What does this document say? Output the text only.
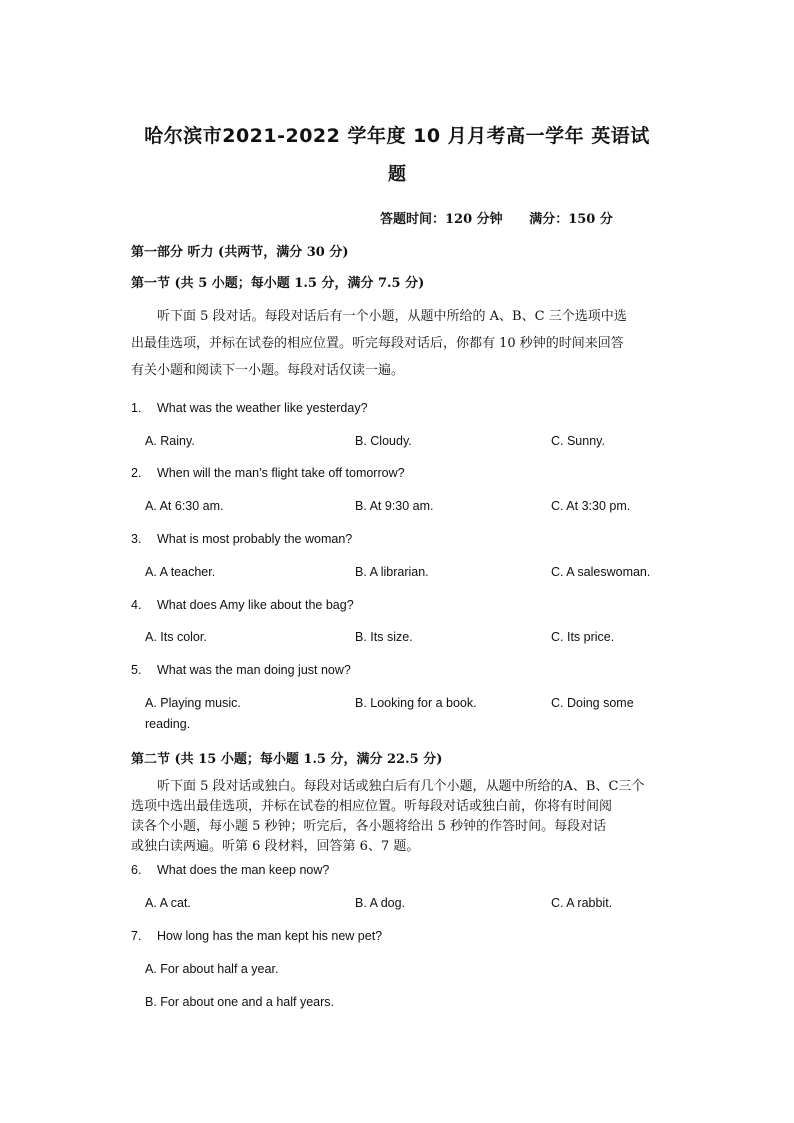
哈尔滨市2021-2022 学年度 10 月月考高一学年 英语试
题
答题时间：120 分钟 满分：150 分
第一部分 听力 (共两节，满分 30 分)
第一节 (共 5 小题；每小题 1.5 分，满分 7.5 分)
听下面 5 段对话。每段对话后有一个小题，从题中所给的 A、B、C 三个选项中选
出最佳选项，并标在试卷的相应位置。听完每段对话后，你都有 10 秒钟的时间来回答
有关小题和阅读下一小题。每段对话仅读一遍。
1. What was the weather like yesterday?
A. Rainy.	B. Cloudy.	C. Sunny.
2. When will the man’s flight take off tomorrow?
A. At 6:30 am.	B. At 9:30 am.	C. At 3:30 pm.
3. What is most probably the woman?
A. A teacher.	B. A librarian.	C. A saleswoman.
4. What does Amy like about the bag?
A. Its color.	B. Its size.	C. Its price.
5. What was the man doing just now?
A. Playing music.	B. Looking for a book.	C. Doing some
reading.
第二节 (共 15 小题；每小题 1.5 分，满分 22.5 分)
听下面 5 段对话或独白。每段对话或独白后有几个小题，从题中所给的A、B、C三个
选项中选出最佳选项，并标在试卷的相应位置。听每段对话或独白前，你将有时间阅
读各个小题，每小题 5 秒钟；听完后，各小题将给出 5 秒钟的作答时间。每段对话
或独白读两遍。听第 6 段材料，回答第 6、7 题。
6. What does the man keep now?
A. A cat.	B. A dog.	C. A rabbit.
7. How long has the man kept his new pet?
A. For about half a year.
B. For about one and a half years.
